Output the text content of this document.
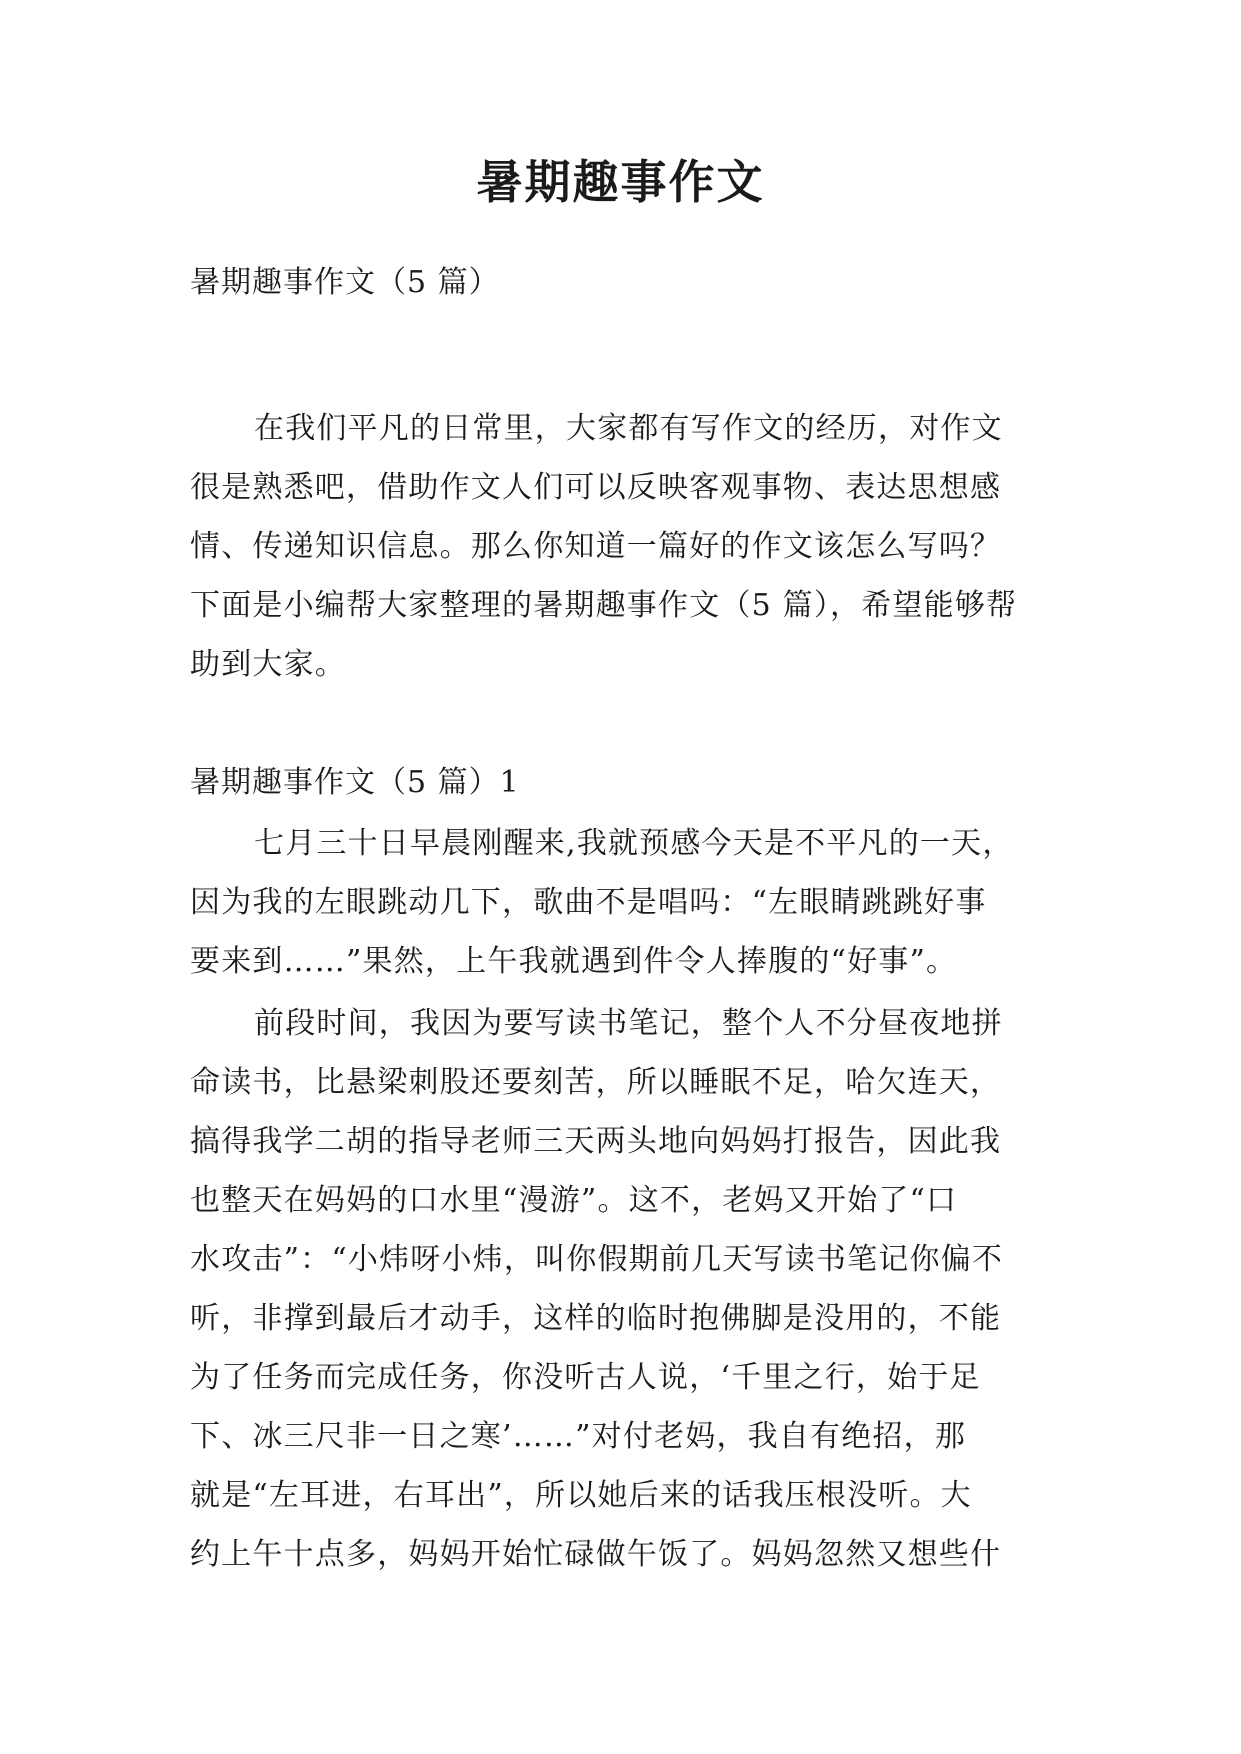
暑期趣事作文
暑期趣事作文（5 篇）
在我们平凡的日常里，大家都有写作文的经历，对作文
很是熟悉吧，借助作文人们可以反映客观事物、表达思想感
情、传递知识信息。那么你知道一篇好的作文该怎么写吗？
下面是小编帮大家整理的暑期趣事作文（5 篇），希望能够帮
助到大家。
暑期趣事作文（5 篇）1
七月三十日早晨刚醒来,我就预感今天是不平凡的一天，
因为我的左眼跳动几下，歌曲不是唱吗：“左眼睛跳跳好事
要来到……”果然，上午我就遇到件令人捧腹的“好事”。
前段时间，我因为要写读书笔记，整个人不分昼夜地拼
命读书，比悬梁刺股还要刻苦，所以睡眠不足，哈欠连天，
搞得我学二胡的指导老师三天两头地向妈妈打报告，因此我
也整天在妈妈的口水里“漫游”。这不，老妈又开始了“口
水攻击”：“小炜呀小炜，叫你假期前几天写读书笔记你偏不
听，非撑到最后才动手，这样的临时抱佛脚是没用的，不能
为了任务而完成任务，你没听古人说，‘千里之行，始于足
下、冰三尺非一日之寒’……”对付老妈，我自有绝招，那
就是“左耳进，右耳出”，所以她后来的话我压根没听。大
约上午十点多，妈妈开始忙碌做午饭了。妈妈忽然又想些什
